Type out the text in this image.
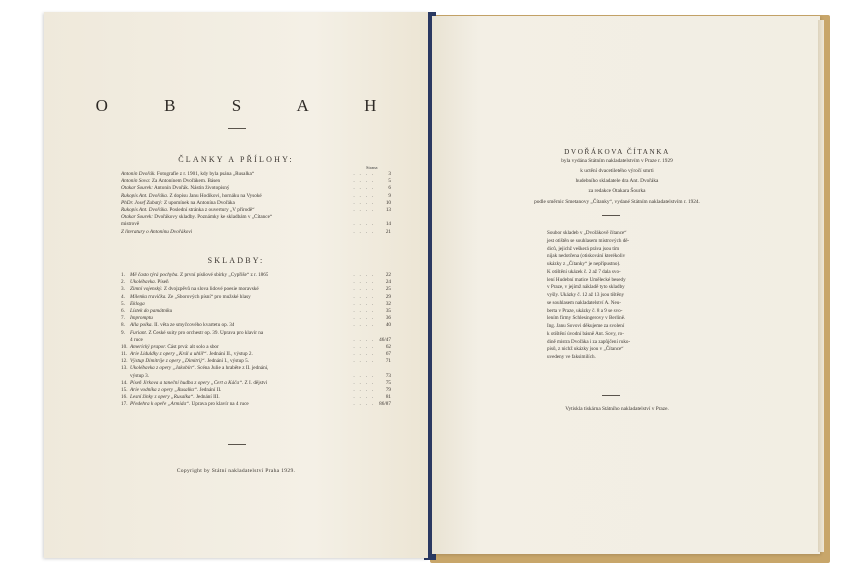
O B S A H
ČLANKY A PŘÍLOHY:
Strana
Antonín Dvořák. Fotografie z r. 1901, kdy byla psána „Rusalka“	. . . .	3
Antonín Sova: Za Antonínem Dvořákem. Básen	. . . .	5
Otakar Šourek: Antonín Dvořák. Nástin životopisný	. . . .	6
Rukopis Ant. Dvořáka. Z dopisu Janu Hodíkovi, hornáku na Vysoké	. . . .	9
PhDr. Josef Zubatý: Z upomínek na Antonína Dvořáka	. . . . 10
Rukopis Ant. Dvořáka. Poslední stránka z ouvertury „V přírodě“	. . . . 13
Otakar Šourek: Dvořákovy skladby. Poznámky ke skladbám v „Čítance“
mistrově	. . . . 14
Z literatury o Antonínu Dvořákovi	. . . . 21
SKLADBY:
1. Mě často týrá pochyba. Z první písňové sbírky „Cypřiše“ z r. 1865	. . . . 22
2. Ukolébavka. Píseň	. . . . 24
3. Zimní vojenský. Z dvojzpěvů na slova lidové poesie moravské	. . . . 25
4. Milenka travička. Ze „Sborových písní“ pro mužské hlasy	. . . . 29
5. Ekloga	. . . . 32
6. Lístek do památníku	. . . . 35
7. Impromptu	. . . . 36
8. Alla polka. II. věta ze smyčcového kvartetu op. 34	. . . . 40
9. Furiant. Z České suity pro orchestr op. 39. Úprava pro klavír na
4 ruce	. . . . 46/47
10. Americký prapor. Část prvá: alt solo a sbor	. . . . 62
11. Arie Liduldky z opery „Král a uhlíř“. Jednání II., výstup 2.	. . . . 67
12. Výstup Dimitrije z opery „Dimitrij“. Jednání I., výstup 5.	. . . . 71
13. Ukolébavka z opery „Jakobín“. Scéna Julie a hraběte z II. jednání,
výstup 3.	. . . . 73
14. Píseň Jirkova a taneční hudba z opery „Čert a Káča“. Z I. dějství	. . . . 75
15. Arie vodníka z opery „Rusalka“. Jednání II.	. . . . 79
16. Lesní žínky z opery „Rusalka“. Jednání III.	. . . . 81
17. Předehra k opeře „Armida“. Úprava pro klavír na 4 ruce	. . . . 86/87
Copyright by Státní nakladatelství Praha 1929.
DVOŘÁKOVA ČÍTANKA
byla vydána Státním nakladatelstvím v Praze r. 1929
k uctění dvacetiletého výročí smrti
hudebního skladatele dra Ant. Dvořáka
za redakce Otakara Šourka
podle směrnic Smetanovy „Čítanky“, vydané Státním nakladatelstvím r. 1924.
Soubor skladeb v „Dvořákově čítance“
jest otištěn se souhlasem mistrových dě-
diců, jejichž veškerá práva jsou tím
nijak nedotčena (otiskování kterékoliv
ukázky z „Čítanky“ je nepřípustno).
K otištění ukázek č. 2 až 7 dala svo-
lení Hudební matice Umělecké besedy
v Praze, v jejímž nákladě tyto skladby
vyšly. Ukázky č. 12 až 13 jsou tištěny
se souhlasem nakladatelství A. Neu-
berta v Praze, ukázky č. 8 a 9 se svo-
lením firmy Schlesingerovy v Berlíně.
Ing. Janu Sovovi děkujeme za svolení
k otištění úvodní básně Ant. Sovy, ro-
dině mistra Dvořáka i za zapůjčení ruko-
pisů, z nichž ukázky jsou v „Čítance“
uvedeny ve faksimilích.
Vytiskla tiskárna Státního nakladatelství v Praze.
